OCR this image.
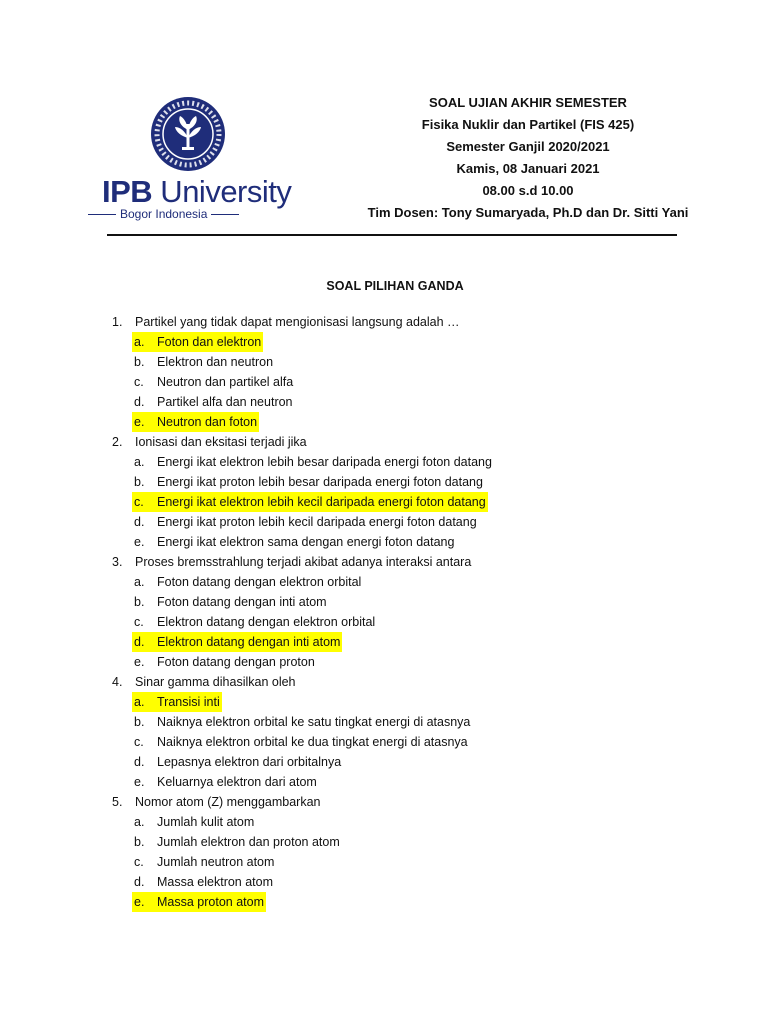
IPB University
Bogor Indonesia
SOAL UJIAN AKHIR SEMESTER
Fisika Nuklir dan Partikel (FIS 425)
Semester Ganjil 2020/2021
Kamis, 08 Januari 2021
08.00 s.d 10.00
Tim Dosen: Tony Sumaryada, Ph.D dan Dr. Sitti Yani
SOAL PILIHAN GANDA
1. Partikel yang tidak dapat mengionisasi langsung adalah …
a. Foton dan elektron
b. Elektron dan neutron
c. Neutron dan partikel alfa
d. Partikel alfa dan neutron
e. Neutron dan foton
2. Ionisasi dan eksitasi terjadi jika
a. Energi ikat elektron lebih besar daripada energi foton datang
b. Energi ikat proton lebih besar daripada energi foton datang
c. Energi ikat elektron lebih kecil daripada energi foton datang
d. Energi ikat proton lebih kecil daripada energi foton datang
e. Energi ikat elektron sama dengan energi foton datang
3. Proses bremsstrahlung terjadi akibat adanya interaksi antara
a. Foton datang dengan elektron orbital
b. Foton datang dengan inti atom
c. Elektron datang dengan elektron orbital
d. Elektron datang dengan inti atom
e. Foton datang dengan proton
4. Sinar gamma dihasilkan oleh
a. Transisi inti
b. Naiknya elektron orbital ke satu tingkat energi di atasnya
c. Naiknya elektron orbital ke dua tingkat energi di atasnya
d. Lepasnya elektron dari orbitalnya
e. Keluarnya elektron dari atom
5. Nomor atom (Z) menggambarkan
a. Jumlah kulit atom
b. Jumlah elektron dan proton atom
c. Jumlah neutron atom
d. Massa elektron atom
e. Massa proton atom
